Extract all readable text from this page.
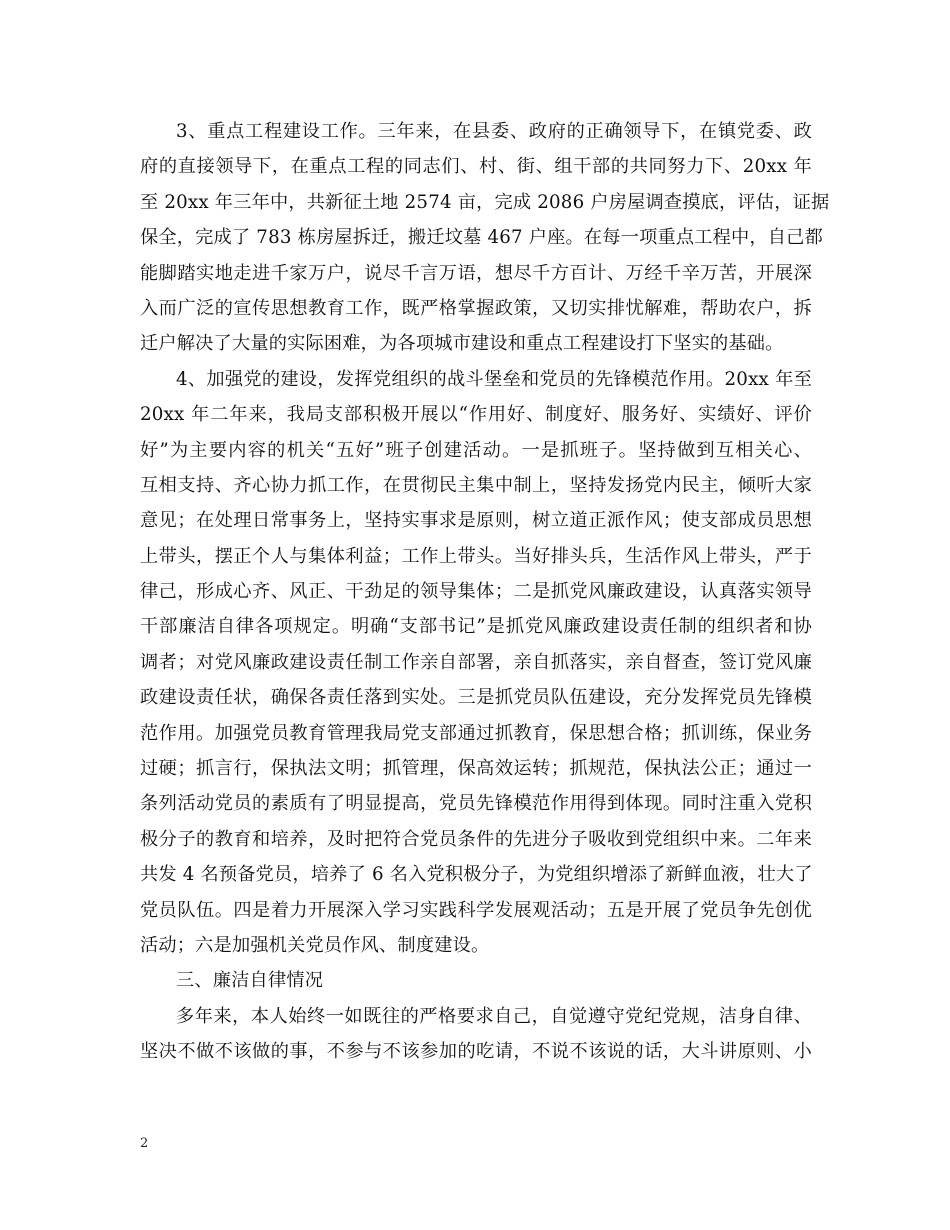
3、重点工程建设工作。三年来，在县委、政府的正确领导下，在镇党委、政
府的直接领导下，在重点工程的同志们、村、街、组干部的共同努力下、20xx 年
至 20xx 年三年中，共新征土地 2574 亩，完成 2086 户房屋调查摸底，评估，证据
保全，完成了 783 栋房屋拆迁，搬迁坟墓 467 户座。在每一项重点工程中，自己都
能脚踏实地走进千家万户，说尽千言万语，想尽千方百计、万经千辛万苦，开展深
入而广泛的宣传思想教育工作，既严格掌握政策，又切实排忧解难，帮助农户，拆
迁户解决了大量的实际困难，为各项城市建设和重点工程建设打下坚实的基础。
4、加强党的建设，发挥党组织的战斗堡垒和党员的先锋模范作用。20xx 年至
20xx 年二年来，我局支部积极开展以“作用好、制度好、服务好、实绩好、评价
好”为主要内容的机关“五好”班子创建活动。一是抓班子。坚持做到互相关心、
互相支持、齐心协力抓工作，在贯彻民主集中制上，坚持发扬党内民主，倾听大家
意见；在处理日常事务上，坚持实事求是原则，树立道正派作风；使支部成员思想
上带头，摆正个人与集体利益；工作上带头。当好排头兵，生活作风上带头，严于
律己，形成心齐、风正、干劲足的领导集体；二是抓党风廉政建设，认真落实领导
干部廉洁自律各项规定。明确“支部书记”是抓党风廉政建设责任制的组织者和协
调者；对党风廉政建设责任制工作亲自部署，亲自抓落实，亲自督查，签订党风廉
政建设责任状，确保各责任落到实处。三是抓党员队伍建设，充分发挥党员先锋模
范作用。加强党员教育管理我局党支部通过抓教育，保思想合格；抓训练，保业务
过硬；抓言行，保执法文明；抓管理，保高效运转；抓规范，保执法公正；通过一
条列活动党员的素质有了明显提高，党员先锋模范作用得到体现。同时注重入党积
极分子的教育和培养，及时把符合党员条件的先进分子吸收到党组织中来。二年来
共发 4 名预备党员，培养了 6 名入党积极分子，为党组织增添了新鲜血液，壮大了
党员队伍。四是着力开展深入学习实践科学发展观活动；五是开展了党员争先创优
活动；六是加强机关党员作风、制度建设。
三、廉洁自律情况
多年来，本人始终一如既往的严格要求自己，自觉遵守党纪党规，洁身自律、
坚决不做不该做的事，不参与不该参加的吃请，不说不该说的话，大斗讲原则、小
2
